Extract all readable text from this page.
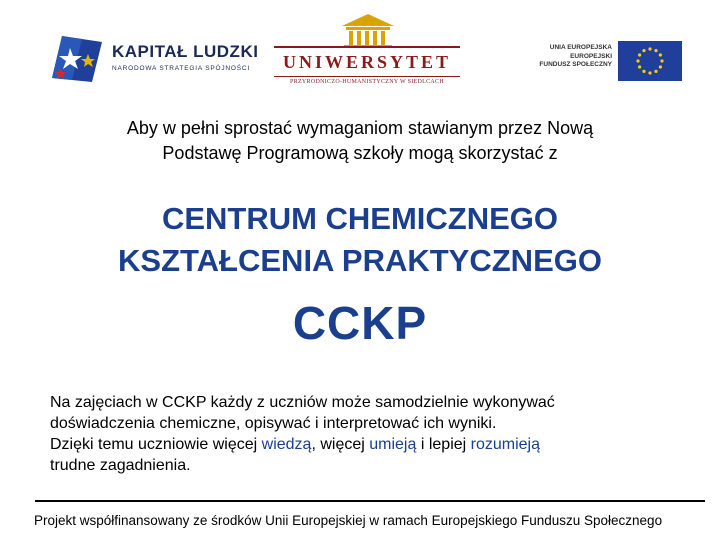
KAPITAŁ LUDZKI
NARODOWA STRATEGIA SPÓJNOŚCI	UNIWERSYTET
PRZYRODNICZO-HUMANISTYCZNY W SIEDLCACH
UNIA EUROPEJSKA
EUROPEJSKI
FUNDUSZ SPOŁECZNY
Aby w pełni sprostać wymaganiom stawianym przez Nową
Podstawę Programową szkoły mogą skorzystać z
CENTRUM CHEMICZNEGO
KSZTAŁCENIA PRAKTYCZNEGO
CCKP
Na zajęciach w CCKP każdy z uczniów może samodzielnie wykonywać
doświadczenia chemiczne, opisywać i interpretować ich wyniki.
Dzięki temu uczniowie więcej wiedzą, więcej umieją i lepiej rozumieją
trudne zagadnienia.
Projekt współfinansowany ze środków Unii Europejskiej w ramach Europejskiego Funduszu Społecznego
